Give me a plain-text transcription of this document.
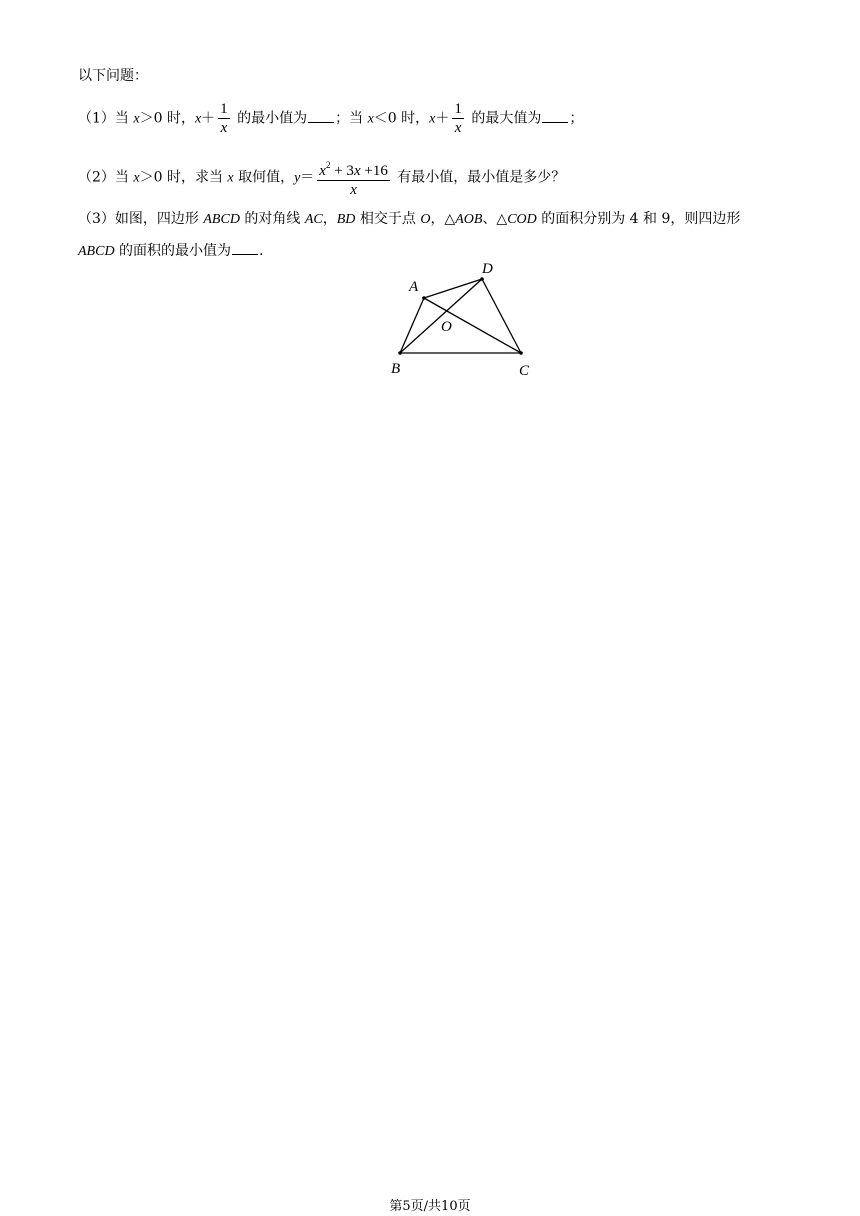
以下问题：
（1）当 x＞0 时，$x+ \frac{1}{x}$ 的最小值为 ；当 x＜0 时，$x+ \frac{1}{x}$ 的最大值为 ；
（2）当 x＞0 时，求当 x 取何值，$y= \frac{x^2 + 3x +16}{x}$ 有最小值，最小值是多少？
（3）如图，四边形 ABCD 的对角线 AC，BD 相交于点 O，△AOB、△COD 的面积分别为 4 和 9，则四边形
ABCD 的面积的最小值为 .
A
D
O
B	C
第5页/共10页
